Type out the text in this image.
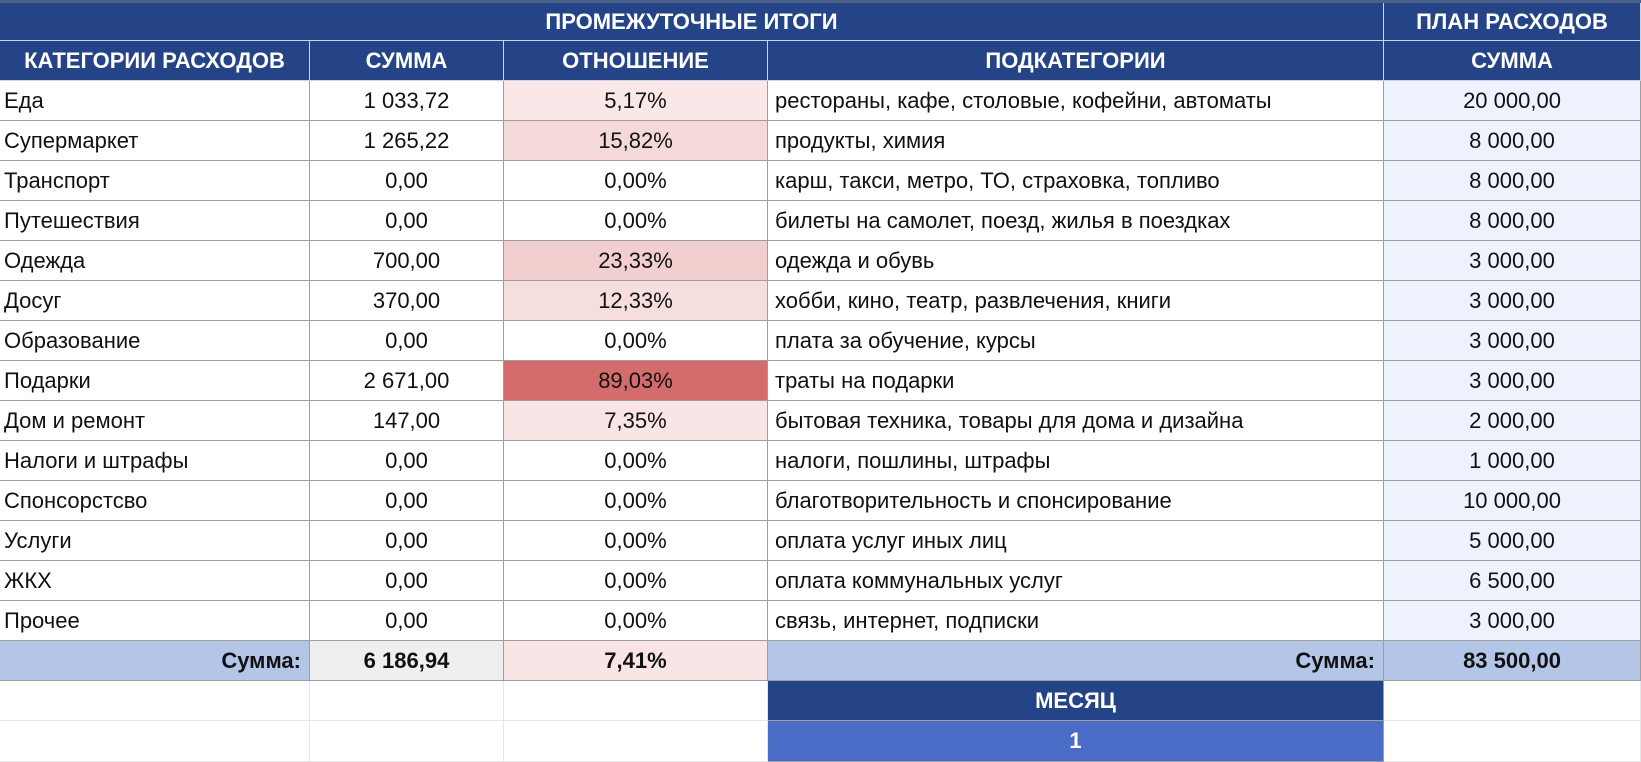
ПРОМЕЖУТОЧНЫЕ ИТОГИ	ПЛАН РАСХОДОВ
КАТЕГОРИИ РАСХОДОВ	СУММА	ОТНОШЕНИЕ	ПОДКАТЕГОРИИ	СУММА
Еда	1 033,72	5,17%	рестораны, кафе, столовые, кофейни, автоматы	20 000,00
Супермаркет	1 265,22	15,82%	продукты, химия	8 000,00
Транспорт	0,00	0,00%	карш, такси, метро, ТО, страховка, топливо	8 000,00
Путешествия	0,00	0,00%	билеты на самолет, поезд, жилья в поездках	8 000,00
Одежда	700,00	23,33%	одежда и обувь	3 000,00
Досуг	370,00	12,33%	хобби, кино, театр, развлечения, книги	3 000,00
Образование	0,00	0,00%	плата за обучение, курсы	3 000,00
Подарки	2 671,00	89,03%	траты на подарки	3 000,00
Дом и ремонт	147,00	7,35%	бытовая техника, товары для дома и дизайна	2 000,00
Налоги и штрафы	0,00	0,00%	налоги, пошлины, штрафы	1 000,00
Спонсорстсво	0,00	0,00%	благотворительность и спонсирование	10 000,00
Услуги	0,00	0,00%	оплата услуг иных лиц	5 000,00
ЖКХ	0,00	0,00%	оплата коммунальных услуг	6 500,00
Прочее	0,00	0,00%	связь, интернет, подписки	3 000,00
Сумма:	6 186,94	7,41%	Сумма:	83 500,00
МЕСЯЦ
1
